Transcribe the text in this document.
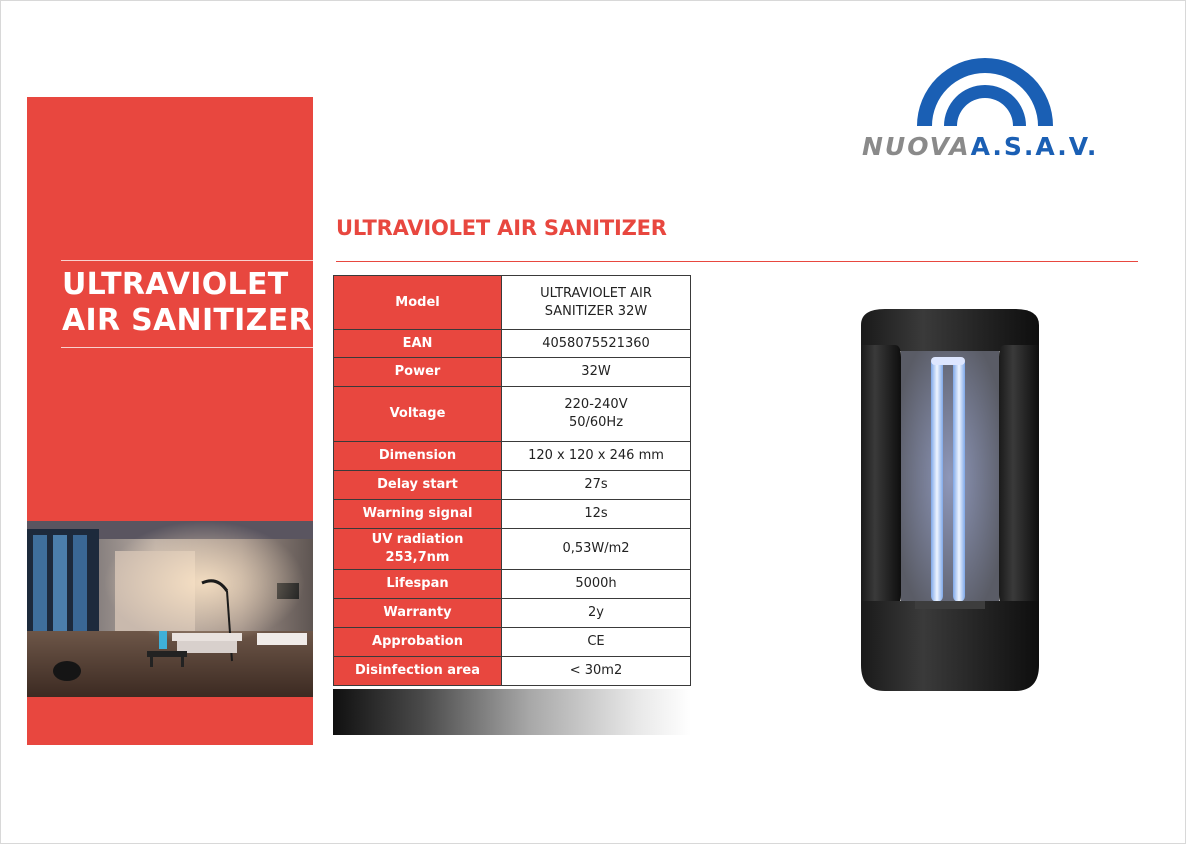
ULTRAVIOLET
AIR SANITIZER
NUOVAA.S.A.V.
ULTRAVIOLET AIR SANITIZER
Model	ULTRAVIOLET AIR
SANITIZER 32W

EAN	4058075521360

Power	32W

Voltage	220-240V
50/60Hz

Dimension	120 x 120 x 246 mm

Delay start	27s

Warning signal	12s

UV radiation
253,7nm	0,53W/m2

Lifespan	5000h

Warranty	2y

Approbation	CE

Disinfection area	< 30m2
